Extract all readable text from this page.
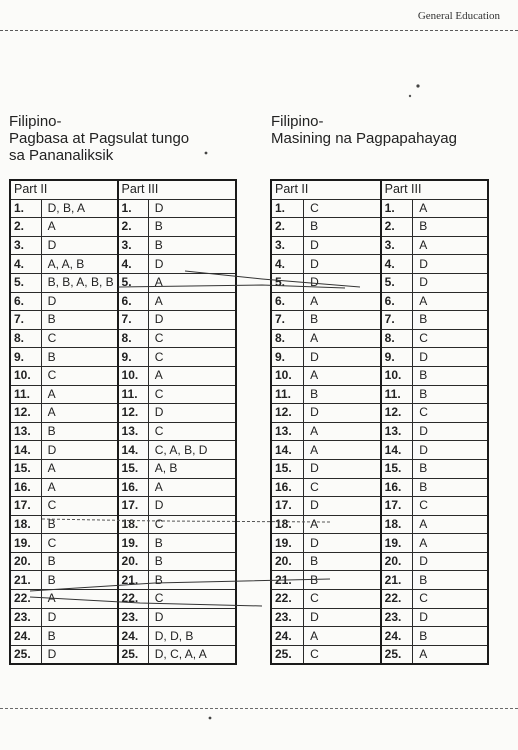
General Education
Filipino-
Pagbasa at Pagsulat tungo
sa Pananaliksik
Filipino-
Masining na Pagpapahayag
Part II		Part III	
1.	D, B, A	1.	D
2.	A	2.	B
3.	D	3.	B
4.	A, A, B	4.	D
5.	B, B, A, B, B	5.	A
6.	D	6.	A
7.	B	7.	D
8.	C	8.	C
9.	B	9.	C
10.	C	10.	A
11.	A	11.	C
12.	A	12.	D
13.	B	13.	C
14.	D	14.	C, A, B, D
15.	A	15.	A, B
16.	A	16.	A
17.	C	17.	D
18.	B	18.	C
19.	C	19.	B
20.	B	20.	B
21.	B	21.	B
22.	A	22.	C
23.	D	23.	D
24.	B	24.	D, D, B
25.	D	25.	D, C, A, A
Part II		Part III	
1.	C	1.	A
2.	B	2.	B
3.	D	3.	A
4.	D	4.	D
5.	D	5.	D
6.	A	6.	A
7.	B	7.	B
8.	A	8.	C
9.	D	9.	D
10.	A	10.	B
11.	B	11.	B
12.	D	12.	C
13.	A	13.	D
14.	A	14.	D
15.	D	15.	B
16.	C	16.	B
17.	D	17.	C
18.	A	18.	A
19.	D	19.	A
20.	B	20.	D
21.	B	21.	B
22.	C	22.	C
23.	D	23.	D
24.	A	24.	B
25.	C	25.	A
